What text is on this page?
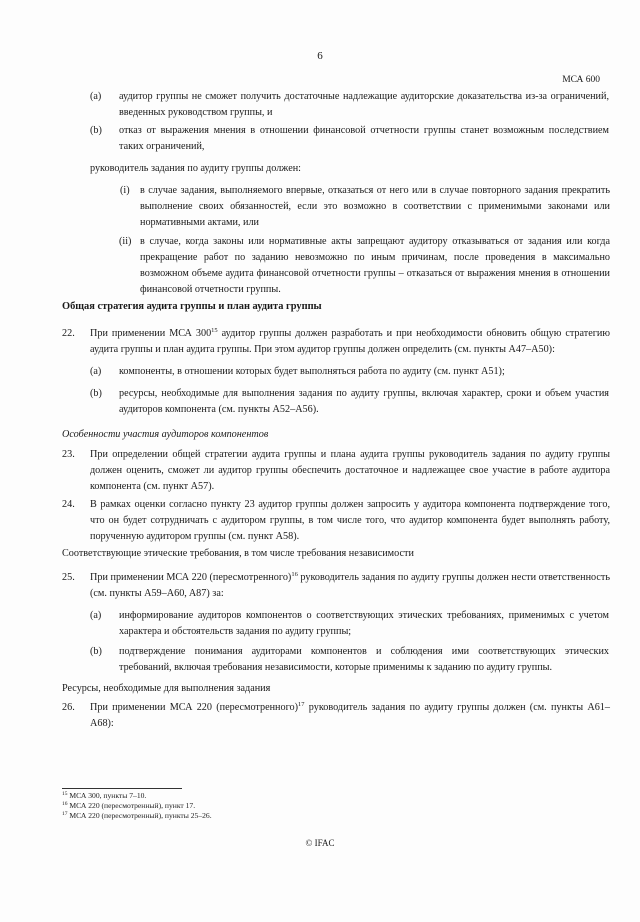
6
МСА 600
(a) аудитор группы не сможет получить достаточные надлежащие аудиторские доказательства из-за ограничений, введенных руководством группы, и

(b) отказ от выражения мнения в отношении финансовой отчетности группы станет возможным последствием таких ограничений,

руководитель задания по аудиту группы должен:

(i) в случае задания, выполняемого впервые, отказаться от него или в случае повторного задания прекратить выполнение своих обязанностей, если это возможно в соответствии с применимыми законами или нормативными актами, или

(ii) в случае, когда законы или нормативные акты запрещают аудитору отказываться от задания или когда прекращение работ по заданию невозможно по иным причинам, после проведения в максимально возможном объеме аудита финансовой отчетности группы – отказаться от выражения мнения в отношении финансовой отчетности группы.

Общая стратегия аудита группы и план аудита группы
22. При применении МСА $300^{15}$ аудитор группы должен разработать и при необходимости обновить общую стратегию аудита группы и план аудита группы. При этом аудитор группы должен определить (см. пункты A47–A50):

(a) компоненты, в отношении которых будет выполняться работа по аудиту (см. пункт A51);

(b) ресурсы, необходимые для выполнения задания по аудиту группы, включая характер, сроки и объем участия аудиторов компонента (см. пункты A52–A56).

Особенности участия аудиторов компонентов
23. При определении общей стратегии аудита группы и плана аудита группы руководитель задания по аудиту группы должен оценить, сможет ли аудитор группы обеспечить достаточное и надлежащее свое участие в работе аудитора компонента (см. пункт A57).

24. В рамках оценки согласно пункту 23 аудитор группы должен запросить у аудитора компонента подтверждение того, что он будет сотрудничать с аудитором группы, в том числе того, что аудитор компонента будет выполнять работу, порученную аудитором группы (см. пункт A58).

Соответствующие этические требования, в том числе требования независимости
25. При применении МСА 220 (пересмотренного)$^{16}$ руководитель задания по аудиту группы должен нести ответственность (см. пункты A59–A60, A87) за:

(a) информирование аудиторов компонентов о соответствующих этических требованиях, применимых с учетом характера и обстоятельств задания по аудиту группы;

(b) подтверждение понимания аудиторами компонентов и соблюдения ими соответствующих этических требований, включая требования независимости, которые применимы к заданию по аудиту группы.

Ресурсы, необходимые для выполнения задания
26. При применении МСА 220 (пересмотренного)$^{17}$ руководитель задания по аудиту группы должен (см. пункты A61–A68):

$^{15}$ МСА 300, пункты 7–10.
$^{16}$ МСА 220 (пересмотренный), пункт 17.
$^{17}$ МСА 220 (пересмотренный), пункты 25–26.
© IFAC
